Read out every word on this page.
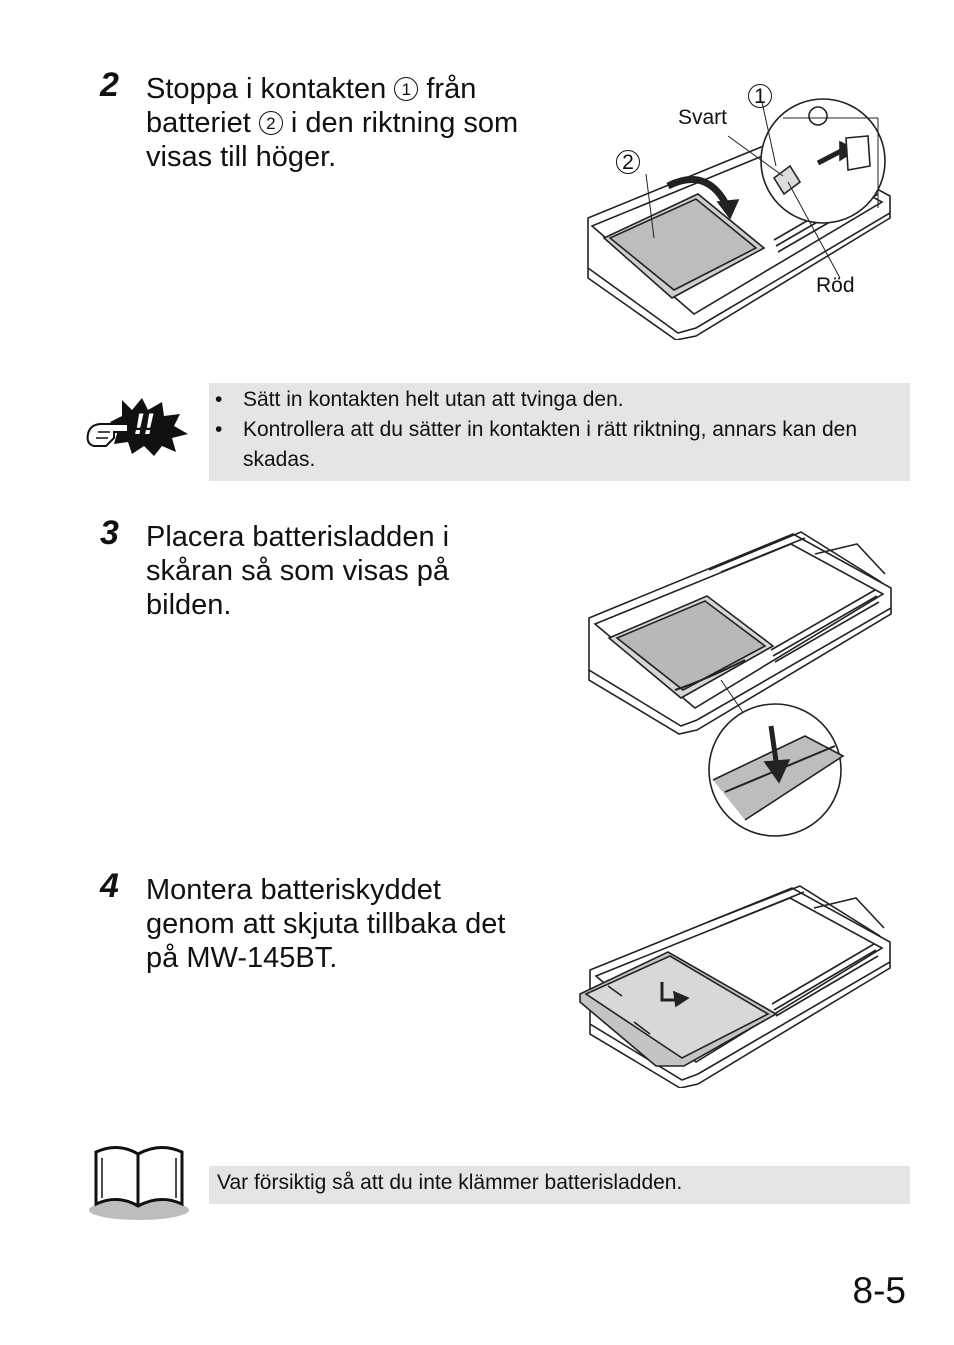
2 Stoppa i kontakten 1 från
batteriet 2 i den riktning som
visas till höger.
1
2
Svart
Röd
!!
• Sätt in kontakten helt utan att tvinga den.
• Kontrollera att du sätter in kontakten i rätt riktning, annars kan den skadas.
3 Placera batterisladden i
skåran så som visas på
bilden.
4 Montera batteriskyddet
genom att skjuta tillbaka det
på MW-145BT.
Var försiktig så att du inte klämmer batterisladden.
8-5
